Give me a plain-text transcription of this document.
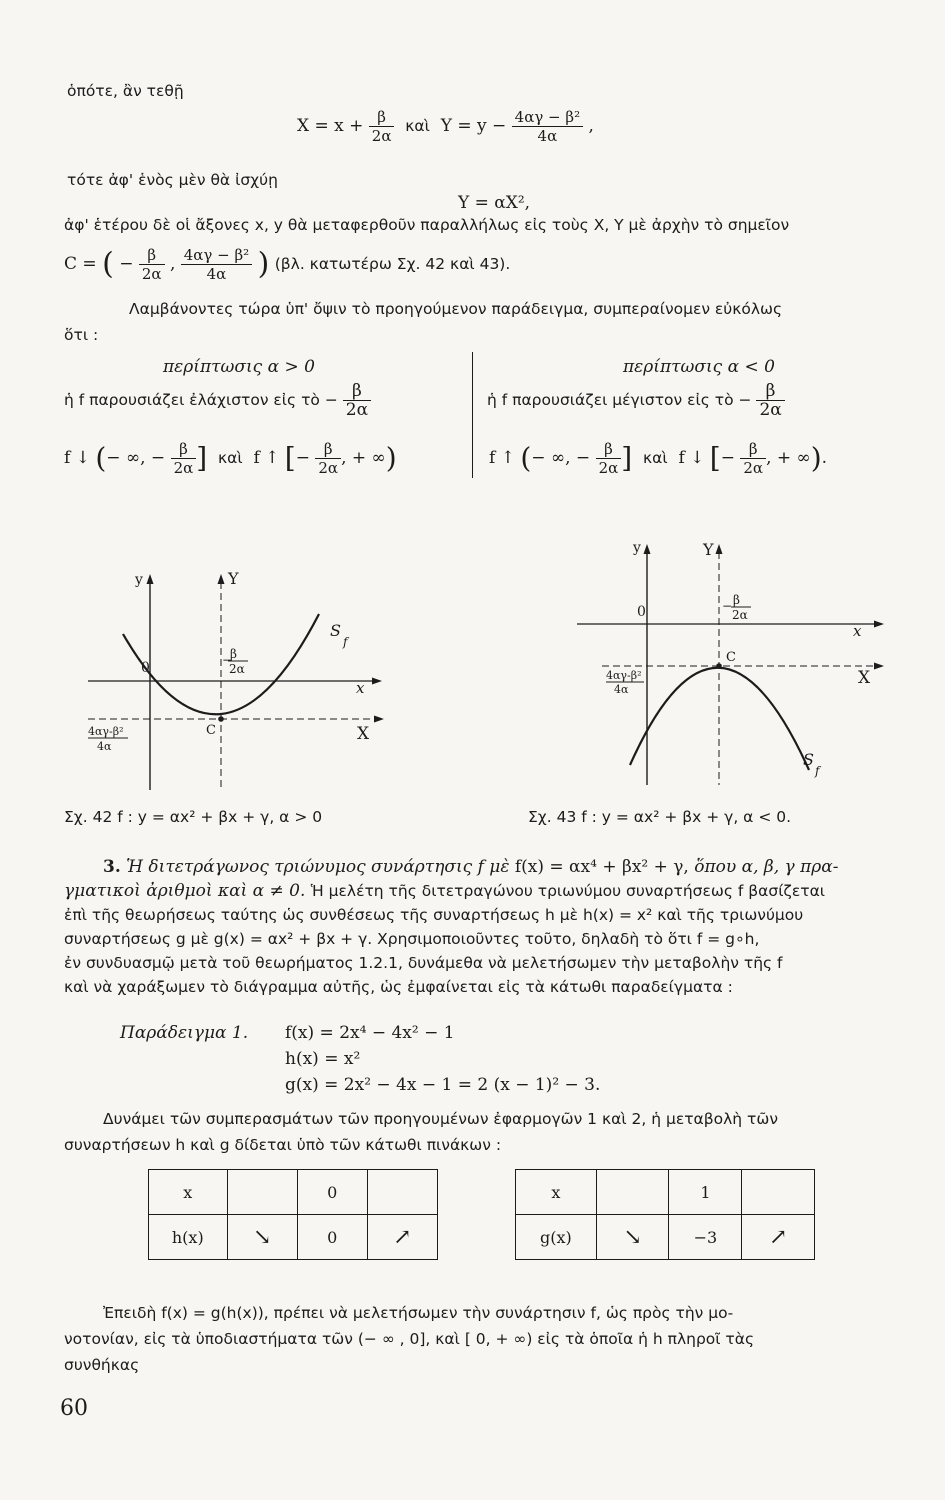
ὁπότε, ἂν τεθῇ
$X = x + \frac{\beta}{2\alpha}$ καὶ $Y = y - \frac{\text{4αγ − β²}}{4\alpha}$ ,
τότε ἀφ' ἑνὸς μὲν θὰ ἰσχύῃ
Y = αX²,
ἀφ' ἑτέρου δὲ οἱ ἄξονες x, y θὰ μεταφερθοῦν παραλλήλως εἰς τοὺς X, Y μὲ ἀρχὴν τὸ σημεῖον
C = ( − $\frac{\beta}{2\alpha}$ , $\frac{\text{4αγ − β²}}{4\alpha}$ ) (βλ. κατωτέρω Σχ. 42 καὶ 43).
Λαμβάνοντες τώρα ὑπ' ὄψιν τὸ προηγούμενον παράδειγμα, συμπεραίνομεν εὐκόλως
ὅτι :
περίπτωσις α > 0	περίπτωσις α < 0
ἡ f παρουσιάζει ἐλάχιστον εἰς τὸ − $\frac{\beta}{2\alpha}$	ἡ f παρουσιάζει μέγιστον εἰς τὸ − $\frac{\beta}{2\alpha}$
f ↓ (− ∞, − $\frac{\beta}{2\alpha}$ ] καὶ f ↑ [− $\frac{\beta}{2\alpha}$ , + ∞)	f ↑ (− ∞, − $\frac{\beta}{2\alpha}$ ] καὶ f ↓ [− $\frac{\beta}{2\alpha}$ , + ∞).
y	Y
0
x
X
C
S
f
−
β
2α
4αγ-β²
4α
y	Y
0
x
X
C
S
f
− β
2α
4αγ-β²
4α
Σχ. 42 f : y = αx² + βx + γ, α > 0	Σχ. 43 f : y = αx² + βx + γ, α < 0.
3. Ἡ διτετράγωνος τριώνυμος συνάρτησις f μὲ f(x) = αx⁴ + βx² + γ, ὅπου α, β, γ πρα-
γματικοὶ ἀριθμοὶ καὶ α ≠ 0. Ἡ μελέτη τῆς διτετραγώνου τριωνύμου συναρτήσεως f βασίζεται
ἐπὶ τῆς θεωρήσεως ταύτης ὡς συνθέσεως τῆς συναρτήσεως h μὲ h(x) = x² καὶ τῆς τριωνύμου
συναρτήσεως g μὲ g(x) = αx² + βx + γ. Χρησιμοποιοῦντες τοῦτο, δηλαδὴ τὸ ὅτι f = g∘h,
ἐν συνδυασμῷ μετὰ τοῦ θεωρήματος 1.2.1, δυνάμεθα νὰ μελετήσωμεν τὴν μεταβολὴν τῆς f
καὶ νὰ χαράξωμεν τὸ διάγραμμα αὐτῆς, ὡς ἐμφαίνεται εἰς τὰ κάτωθι παραδείγματα :
Παράδειγμα 1. f(x) = 2x⁴ − 4x² − 1
h(x) = x²
g(x) = 2x² − 4x − 1 = 2 (x − 1)² − 3.
Δυνάμει τῶν συμπερασμάτων τῶν προηγουμένων ἐφαρμογῶν 1 καὶ 2, ἡ μεταβολὴ τῶν
συναρτήσεων h καὶ g δίδεται ὑπὸ τῶν κάτωθι πινάκων :
x		0	
h(x)	↘	0	↗
x		1	
g(x)	↘	−3	↗
Ἐπειδὴ f(x) = g(h(x)), πρέπει νὰ μελετήσωμεν τὴν συνάρτησιν f, ὡς πρὸς τὴν μο-
νοτονίαν, εἰς τὰ ὑποδιαστήματα τῶν (− ∞ , 0], καὶ [ 0, + ∞) εἰς τὰ ὁποῖα ἡ h πληροῖ τὰς
συνθήκας
60
